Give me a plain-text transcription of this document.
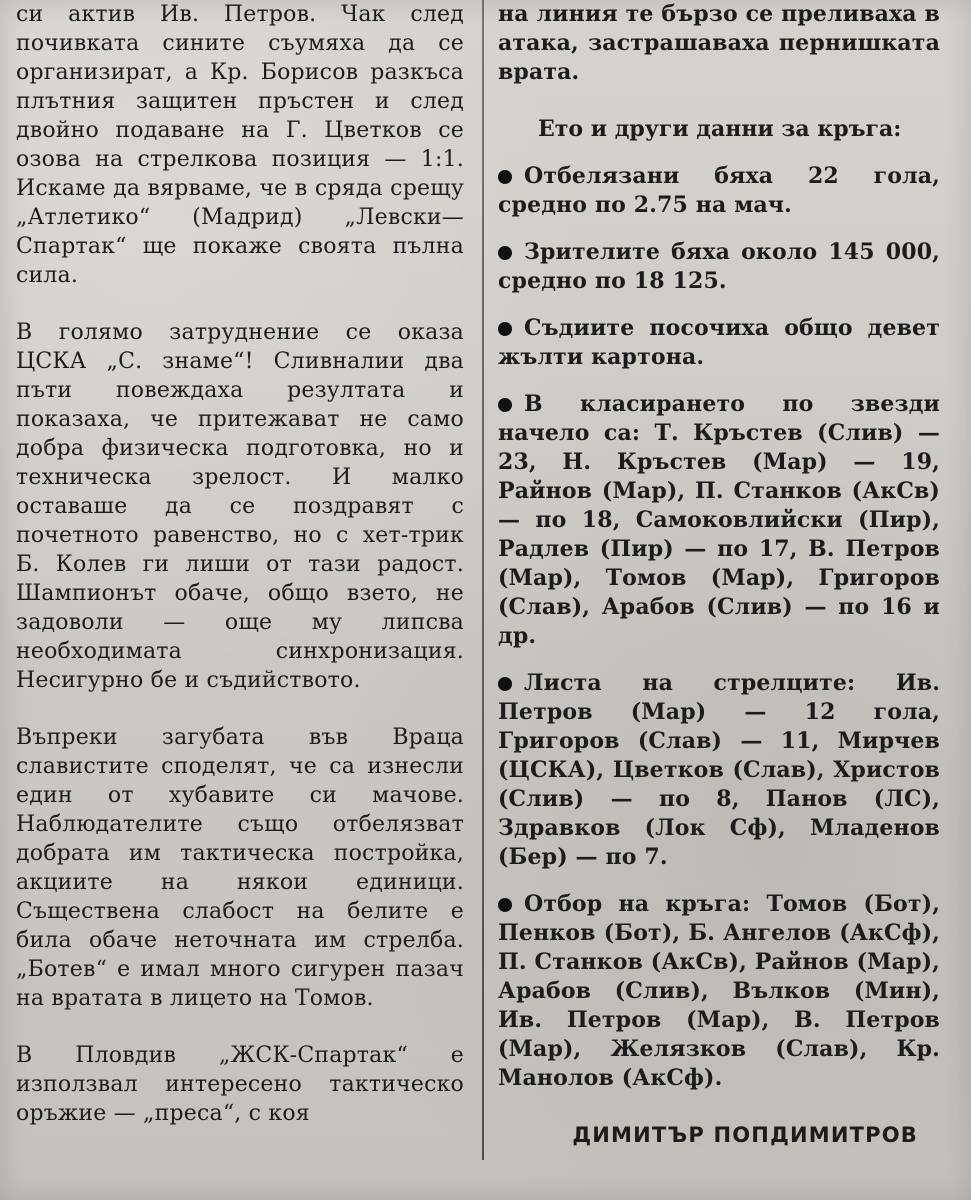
си актив Ив. Петров. Чак след почивката сините съумяха да се организират, а Кр. Борисов разкъса плътния защитен пръстен и след двойно подаване на Г. Цветков се озова на стрелкова позиция — 1:1. Искаме да вярваме, че в сряда срещу „Атлетико“ (Мадрид) „Левски—Спартак“ ще покаже своята пълна сила.

В голямо затруднение се оказа ЦСКА „С. знаме“! Сливналии два пъти повеждаха резултата и показаха, че притежават не само добра физическа подготовка, но и техническа зрелост. И малко оставаше да се поздравят с почетното равенство, но с хет-трик Б. Колев ги лиши от тази радост. Шампионът обаче, общо взето, не задоволи — още му липсва необходимата синхронизация. Несигурно бе и съдийството.

Въпреки загубата във Враца славистите споделят, че са изнесли един от хубавите си мачове. Наблюдателите също отбелязват добрата им тактическа постройка, акциите на някои единици. Съществена слабост на белите е била обаче неточната им стрелба. „Ботев“ е имал много сигурен пазач на вратата в лицето на Томов.

В Пловдив „ЖСК-Спартак“ е използвал интересено тактическо оръжие — „преса“, с коя

на линия те бързо се преливаха в атака, застрашаваха пернишката врата.

Ето и други данни за кръга:

Отбелязани бяха 22 гола, средно по 2.75 на мач.

Зрителите бяха около 145 000, средно по 18 125.

Съдиите посочиха общо девет жълти картона.

В класирането по звезди начело са: Т. Кръстев (Слив) — 23, Н. Кръстев (Мар) — 19, Райнов (Мар), П. Станков (АкСв) — по 18, Самоковлийски (Пир), Радлев (Пир) — по 17, В. Петров (Мар), Томов (Мар), Григоров (Слав), Арабов (Слив) — по 16 и др.

Листа на стрелците: Ив. Петров (Мар) — 12 гола, Григоров (Слав) — 11, Мирчев (ЦСКА), Цветков (Слав), Христов (Слив) — по 8, Панов (ЛС), Здравков (Лок Сф), Младенов (Бер) — по 7.

Отбор на кръга: Томов (Бот), Пенков (Бот), Б. Ангелов (АкСф), П. Станков (АкСв), Райнов (Мар), Арабов (Слив), Вълков (Мин), Ив. Петров (Мар), В. Петров (Мар), Желязков (Слав), Кр. Манолов (АкСф).

ДИМИТЪР ПОПДИМИТРОВ
